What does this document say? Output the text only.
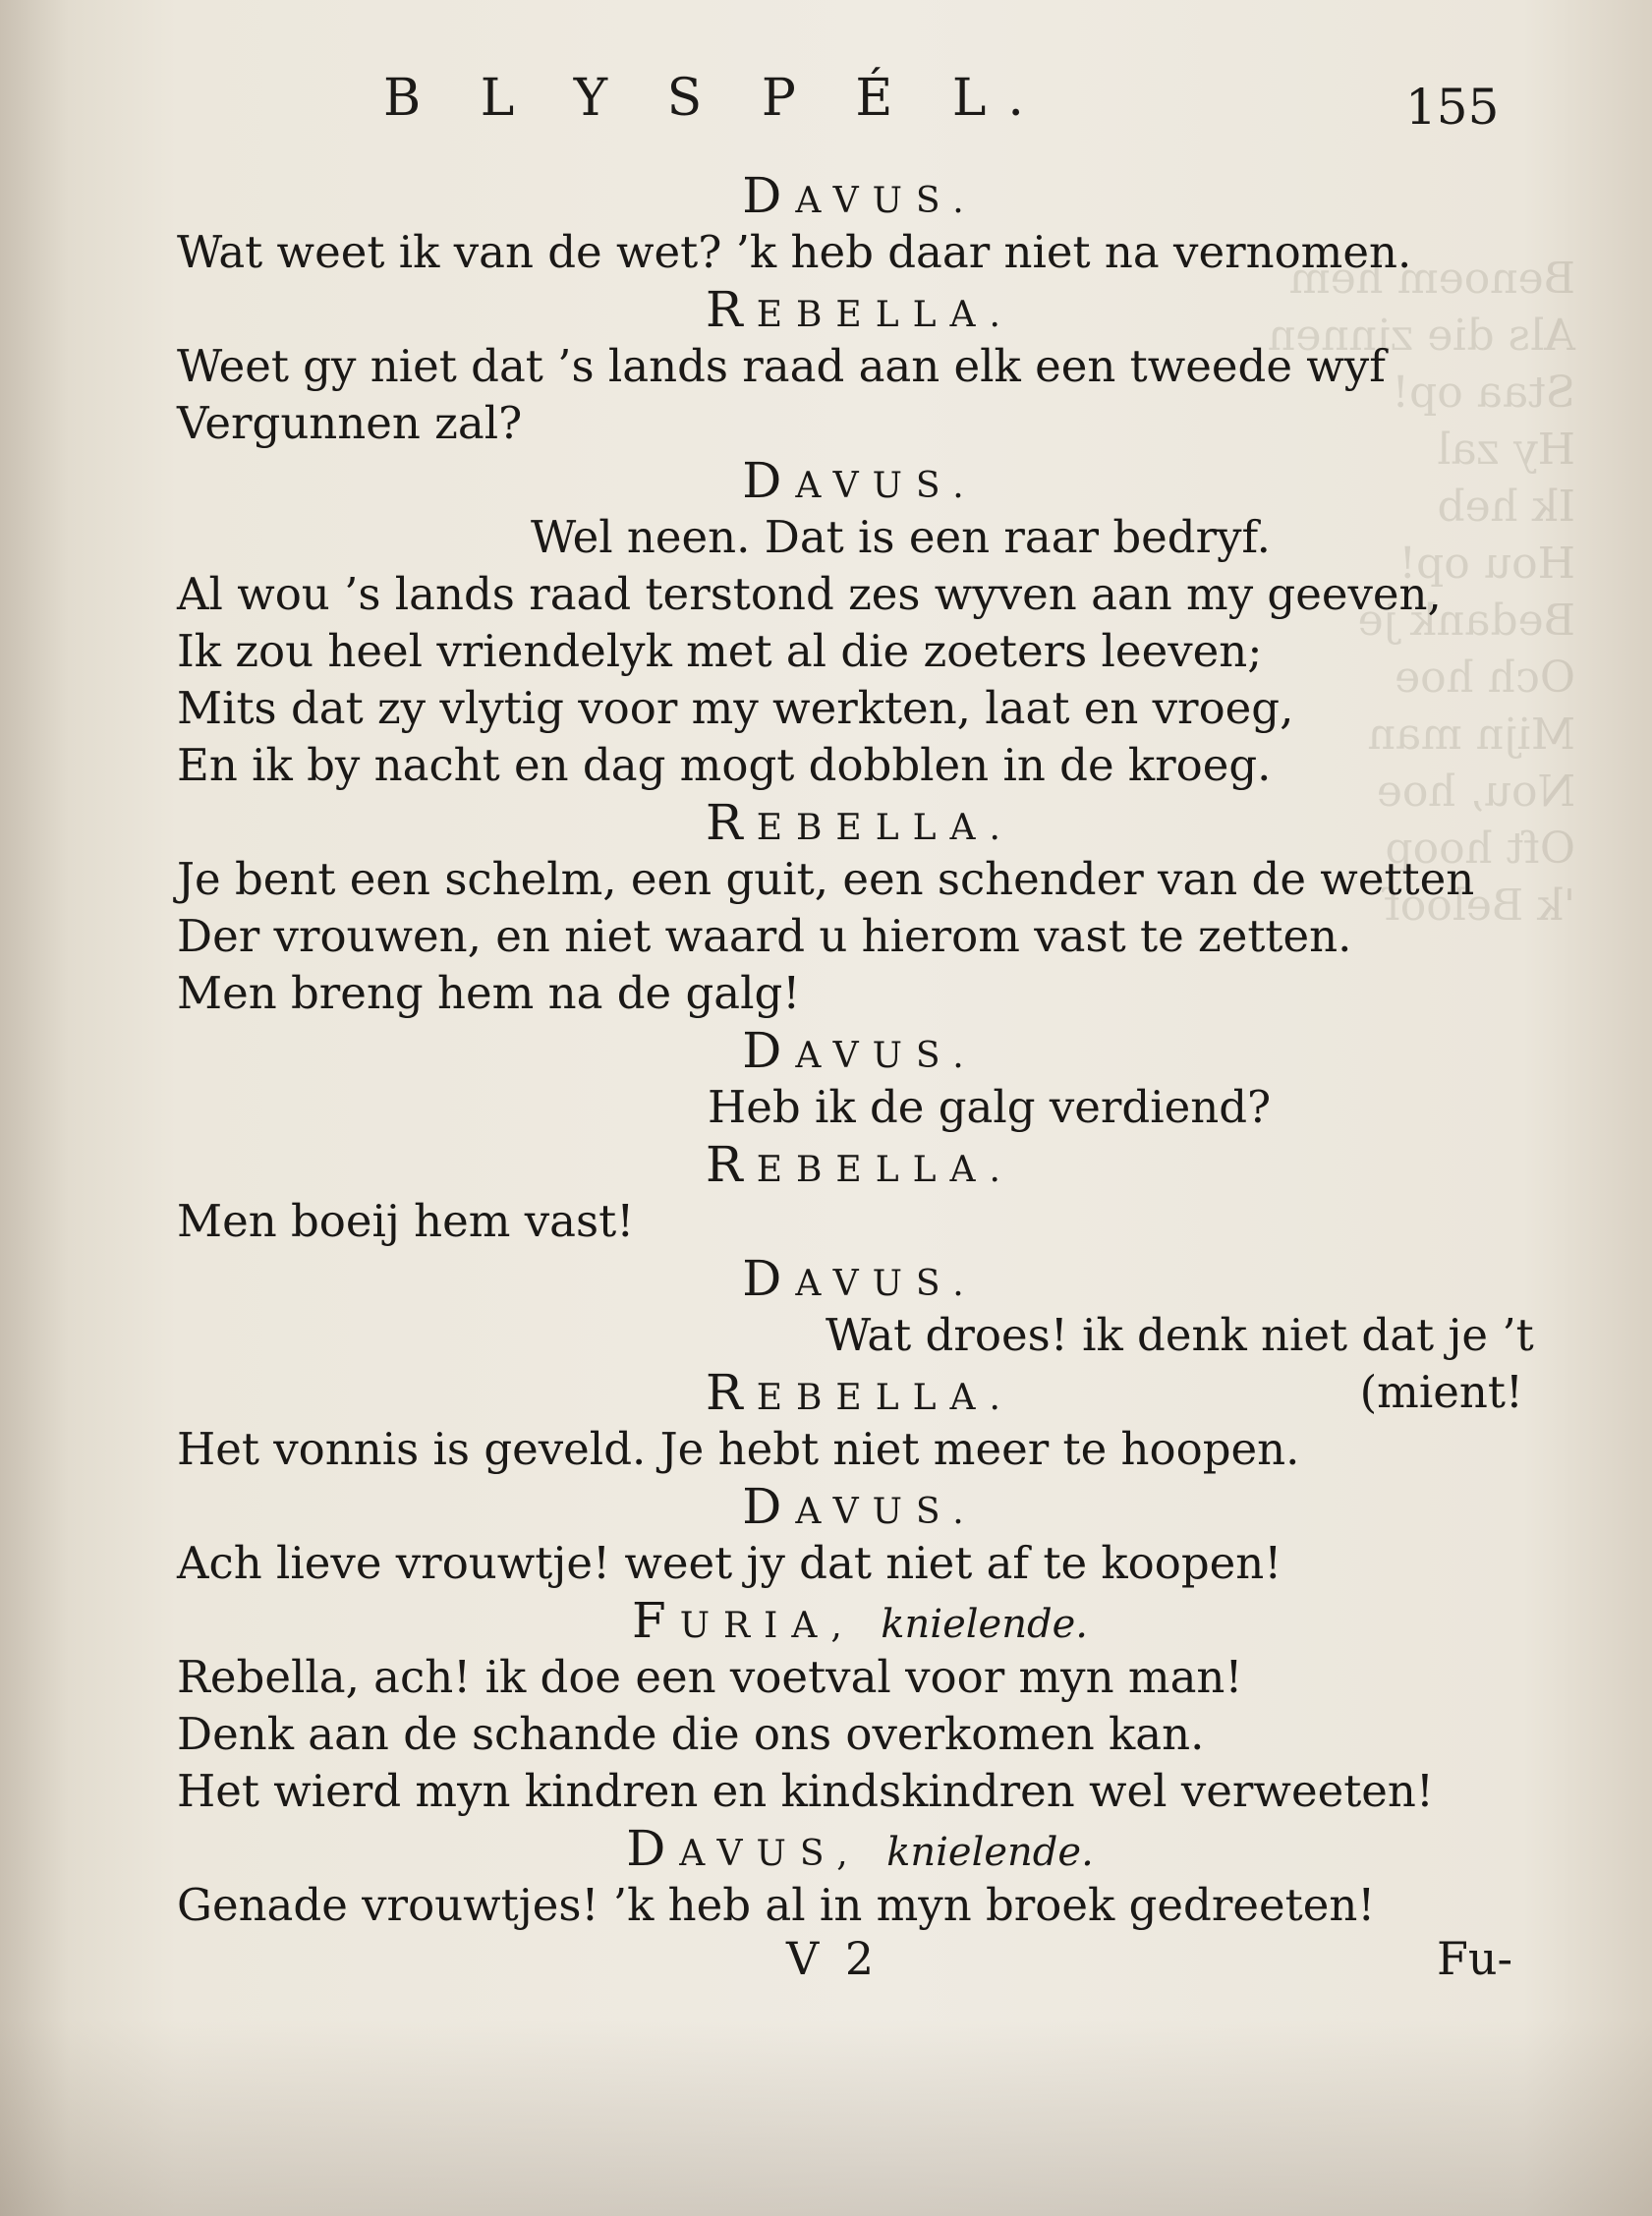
Benoem hem
Als die zinnen
Staa op!
Hy zal
Ik heb
Hou op!
Bedank je
Och hoe
Mijn man
Nou, hoe
Oft hoop
'k Beloof
B L Y S P É L.	155
DAVUS.
Wat weet ik van de wet? ’k heb daar niet na vernomen.
REBELLA.
Weet gy niet dat ’s lands raad aan elk een tweede wyf
Vergunnen zal?
DAVUS.
Wel neen. Dat is een raar bedryf.
Al wou ’s lands raad terstond zes wyven aan my geeven,
Ik zou heel vriendelyk met al die zoeters leeven;
Mits dat zy vlytig voor my werkten, laat en vroeg,
En ik by nacht en dag mogt dobblen in de kroeg.
REBELLA.
Je bent een schelm, een guit, een schender van de wetten
Der vrouwen, en niet waard u hierom vast te zetten.
Men breng hem na de galg!
DAVUS.
Heb ik de galg verdiend?
REBELLA.
Men boeij hem vast!
DAVUS.
Wat droes! ik denk niet dat je ’t
REBELLA.	(mient!
Het vonnis is geveld. Je hebt niet meer te hoopen.
DAVUS.
Ach lieve vrouwtje! weet jy dat niet af te koopen!
FURIA, knielende.
Rebella, ach! ik doe een voetval voor myn man!
Denk aan de schande die ons overkomen kan.
Het wierd myn kindren en kindskindren wel verweeten!
DAVUS, knielende.
Genade vrouwtjes! ’k heb al in myn broek gedreeten!
V 2	Fu-
